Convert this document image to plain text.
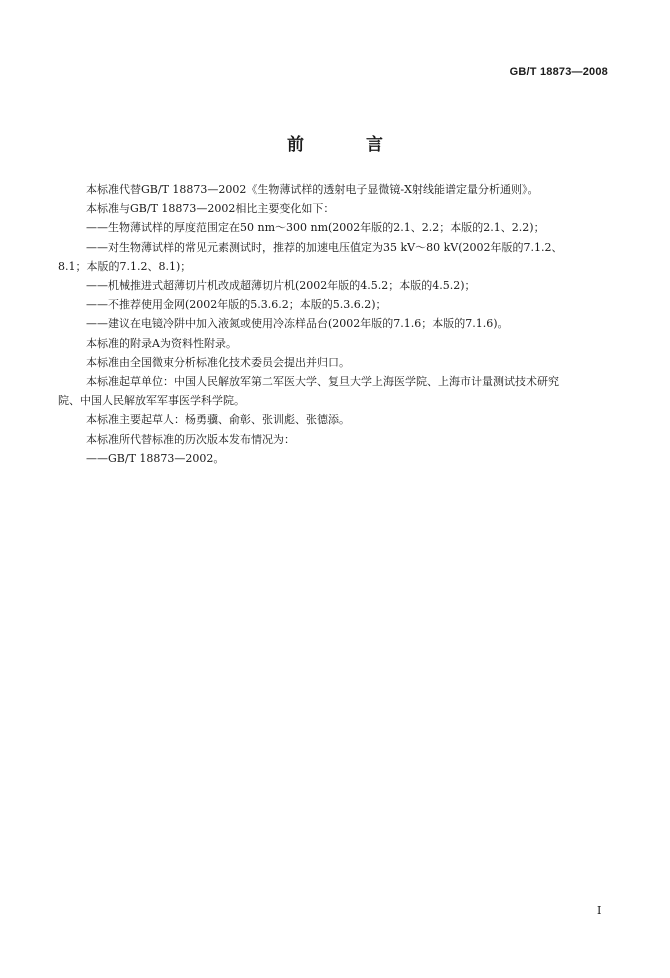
GB/T 18873—2008
前 言

本标准代替GB/T 18873—2002《生物薄试样的透射电子显微镜-X射线能谱定量分析通则》。

本标准与GB/T 18873—2002相比主要变化如下：

——生物薄试样的厚度范围定在50 nm～300 nm(2002年版的2.1、2.2；本版的2.1、2.2)；

——对生物薄试样的常见元素测试时，推荐的加速电压值定为35 kV～80 kV(2002年版的7.1.2、

8.1；本版的7.1.2、8.1)；

——机械推进式超薄切片机改成超薄切片机(2002年版的4.5.2；本版的4.5.2)；

——不推荐使用金网(2002年版的5.3.6.2；本版的5.3.6.2)；

——建议在电镜冷阱中加入液氮或使用冷冻样品台(2002年版的7.1.6；本版的7.1.6)。

本标准的附录A为资料性附录。

本标准由全国微束分析标准化技术委员会提出并归口。

本标准起草单位：中国人民解放军第二军医大学、复旦大学上海医学院、上海市计量测试技术研究

院、中国人民解放军军事医学科学院。

本标准主要起草人：杨勇骥、俞彰、张训彪、张德添。

本标准所代替标准的历次版本发布情况为：

——GB/T 18873—2002。

I
